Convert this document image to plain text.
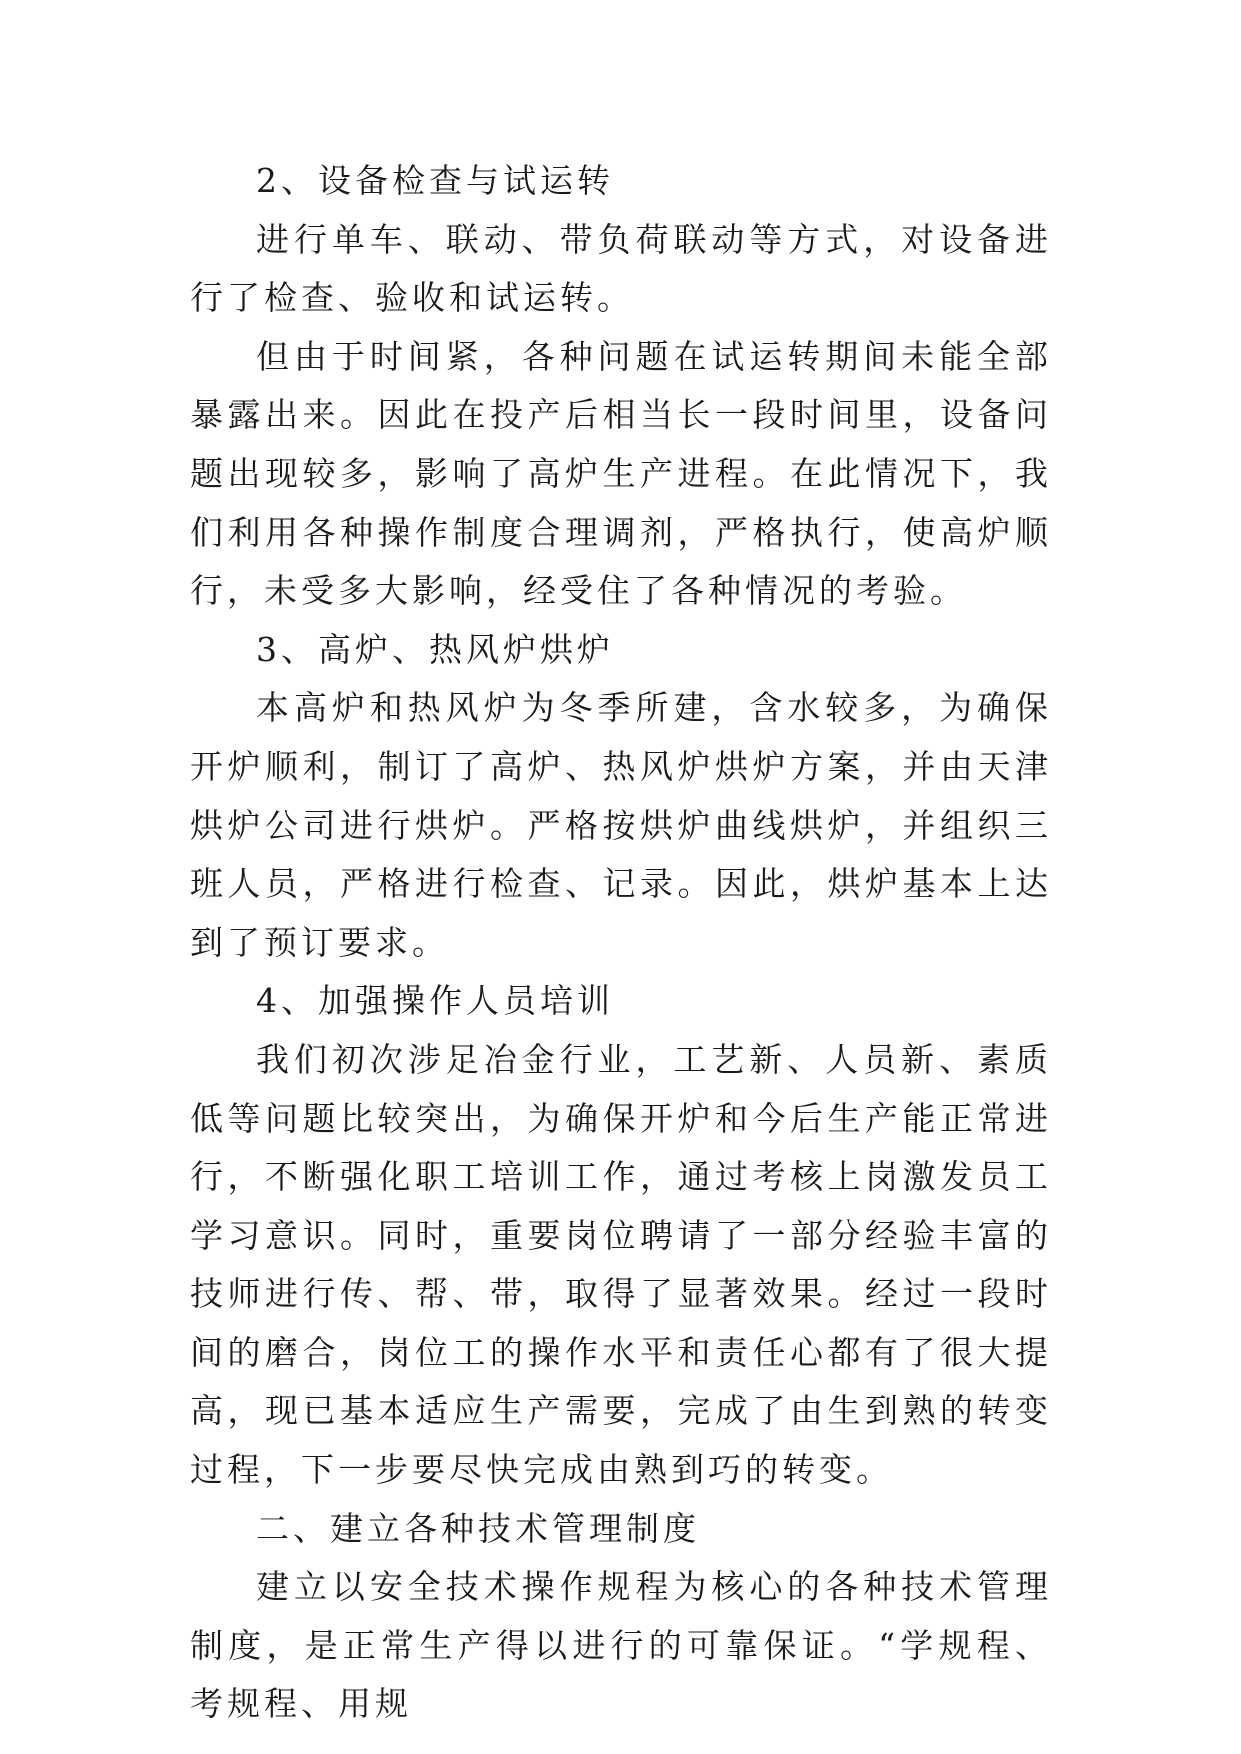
2、设备检查与试运转

进行单车、联动、带负荷联动等方式，对设备进行了检查、验收和试运转。

但由于时间紧，各种问题在试运转期间未能全部暴露出来。因此在投产后相当长一段时间里，设备问题出现较多，影响了高炉生产进程。在此情况下，我们利用各种操作制度合理调剂，严格执行，使高炉顺行，未受多大影响，经受住了各种情况的考验。

3、高炉、热风炉烘炉

本高炉和热风炉为冬季所建，含水较多，为确保开炉顺利，制订了高炉、热风炉烘炉方案，并由天津烘炉公司进行烘炉。严格按烘炉曲线烘炉，并组织三班人员，严格进行检查、记录。因此，烘炉基本上达到了预订要求。

4、加强操作人员培训

我们初次涉足冶金行业，工艺新、人员新、素质低等问题比较突出，为确保开炉和今后生产能正常进行，不断强化职工培训工作，通过考核上岗激发员工学习意识。同时，重要岗位聘请了一部分经验丰富的技师进行传、帮、带，取得了显著效果。经过一段时间的磨合，岗位工的操作水平和责任心都有了很大提高，现已基本适应生产需要，完成了由生到熟的转变过程，下一步要尽快完成由熟到巧的转变。

二、建立各种技术管理制度

建立以安全技术操作规程为核心的各种技术管理制度，是正常生产得以进行的可靠保证。“学规程、考规程、用规
